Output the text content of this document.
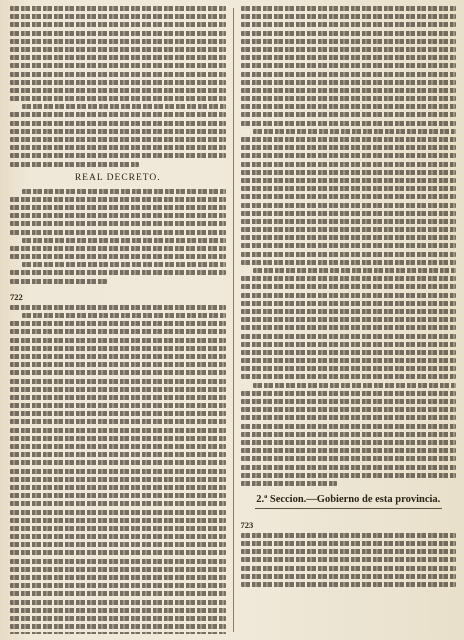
REAL DECRETO.
722
2.ª Seccion.—Gobierno de esta provincia.
723
